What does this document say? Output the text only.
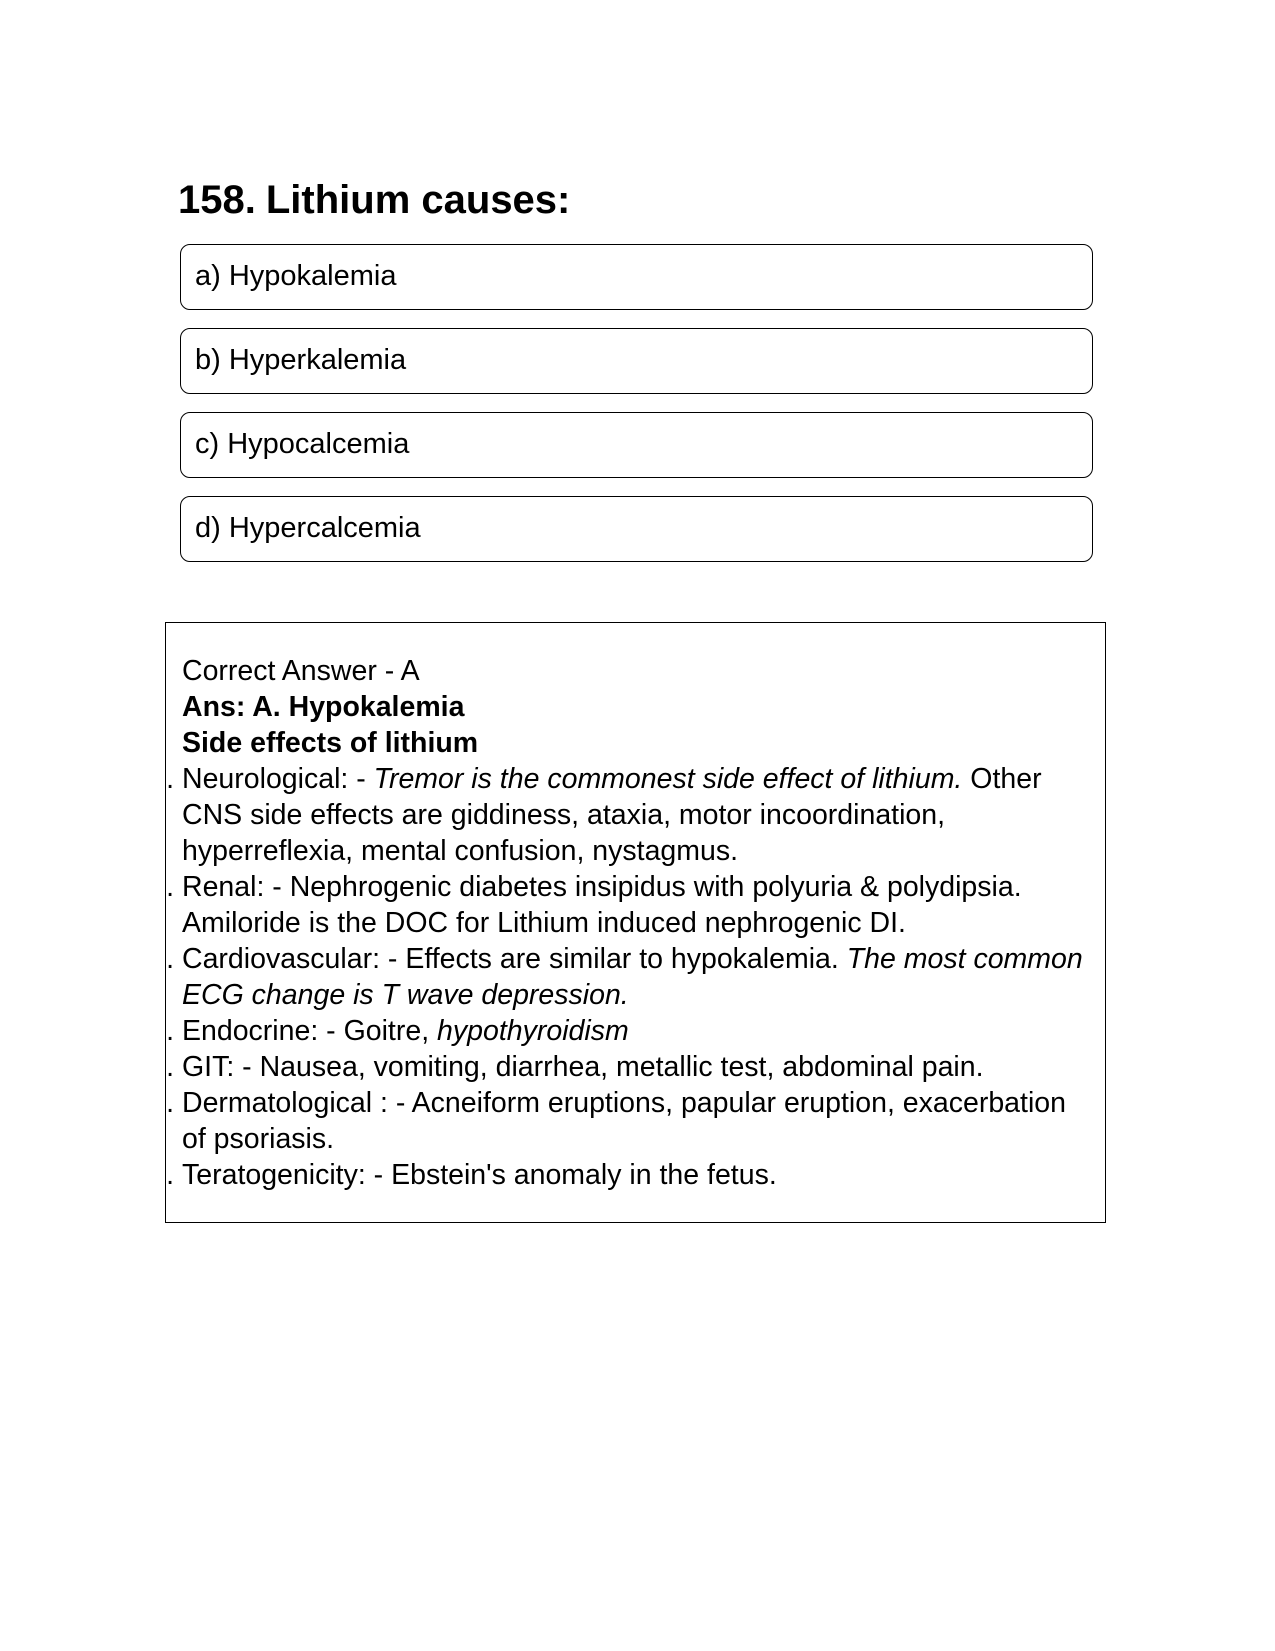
158. Lithium causes:
a) Hypokalemia
b) Hyperkalemia
c) Hypocalcemia
d) Hypercalcemia

Correct Answer - A

Ans: A. Hypokalemia

Side effects of lithium

1. Neurological: - Tremor is the commonest side effect of lithium. Other CNS side effects are giddiness, ataxia, motor incoordination, hyperreflexia, mental confusion, nystagmus.
2. Renal: - Nephrogenic diabetes insipidus with polyuria & polydipsia. Amiloride is the DOC for Lithium induced nephrogenic DI.
3. Cardiovascular: - Effects are similar to hypokalemia. The most common ECG change is T wave depression.
4. Endocrine: - Goitre, hypothyroidism
5. GIT: - Nausea, vomiting, diarrhea, metallic test, abdominal pain.
6. Dermatological : - Acneiform eruptions, papular eruption, exacerbation of psoriasis.
7. Teratogenicity: - Ebstein's anomaly in the fetus.
